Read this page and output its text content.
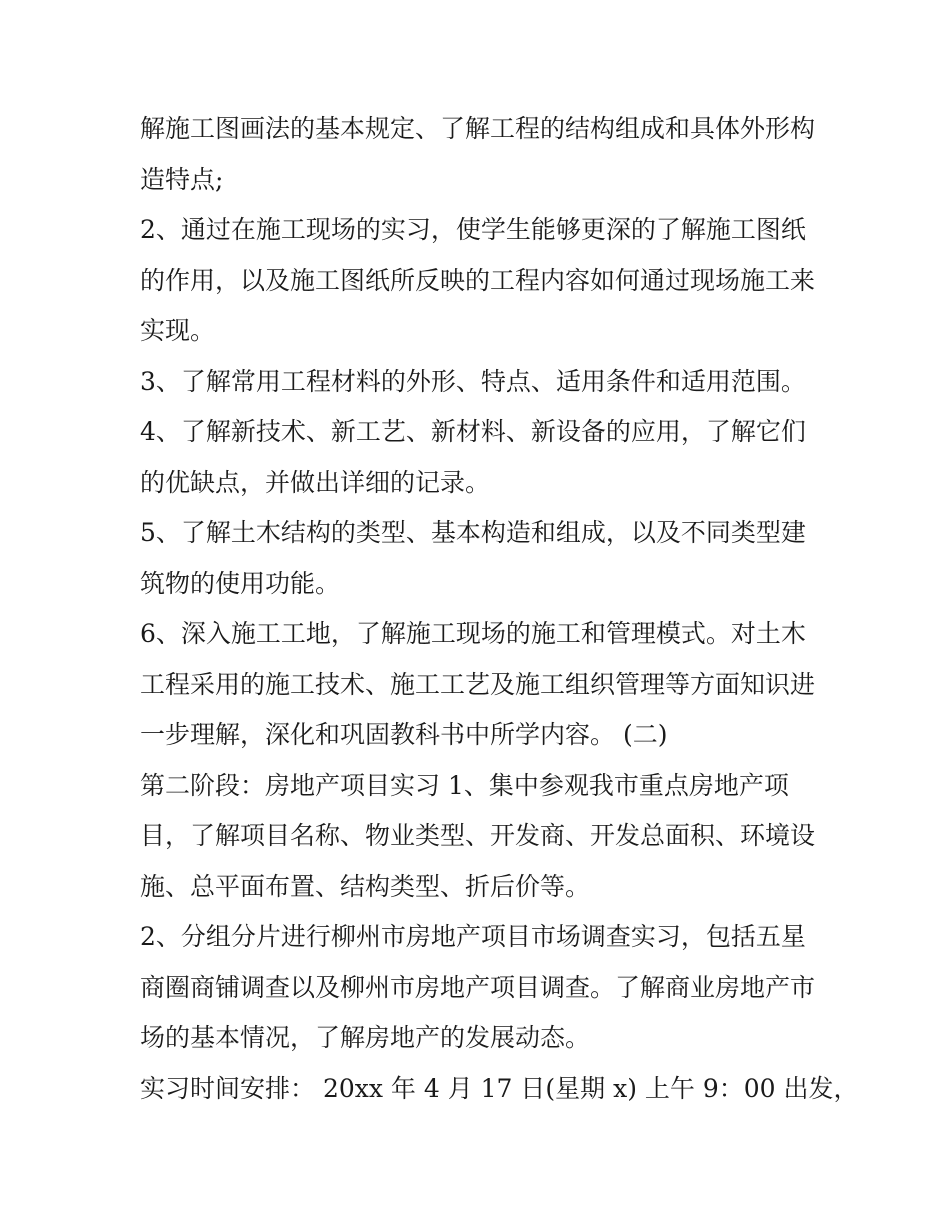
解施工图画法的基本规定、了解工程的结构组成和具体外形构
造特点;
2、通过在施工现场的实习，使学生能够更深的了解施工图纸
的作用，以及施工图纸所反映的工程内容如何通过现场施工来
实现。
3、了解常用工程材料的外形、特点、适用条件和适用范围。
4、了解新技术、新工艺、新材料、新设备的应用，了解它们
的优缺点，并做出详细的记录。
5、了解土木结构的类型、基本构造和组成，以及不同类型建
筑物的使用功能。
6、深入施工工地，了解施工现场的施工和管理模式。对土木
工程采用的施工技术、施工工艺及施工组织管理等方面知识进
一步理解，深化和巩固教科书中所学内容。 (二)
第二阶段：房地产项目实习 1、集中参观我市重点房地产项
目，了解项目名称、物业类型、开发商、开发总面积、环境设
施、总平面布置、结构类型、折后价等。
2、分组分片进行柳州市房地产项目市场调查实习，包括五星
商圈商铺调查以及柳州市房地产项目调查。了解商业房地产市
场的基本情况，了解房地产的发展动态。
实习时间安排： 20xx 年 4 月 17 日(星期 x) 上午 9：00 出发，
